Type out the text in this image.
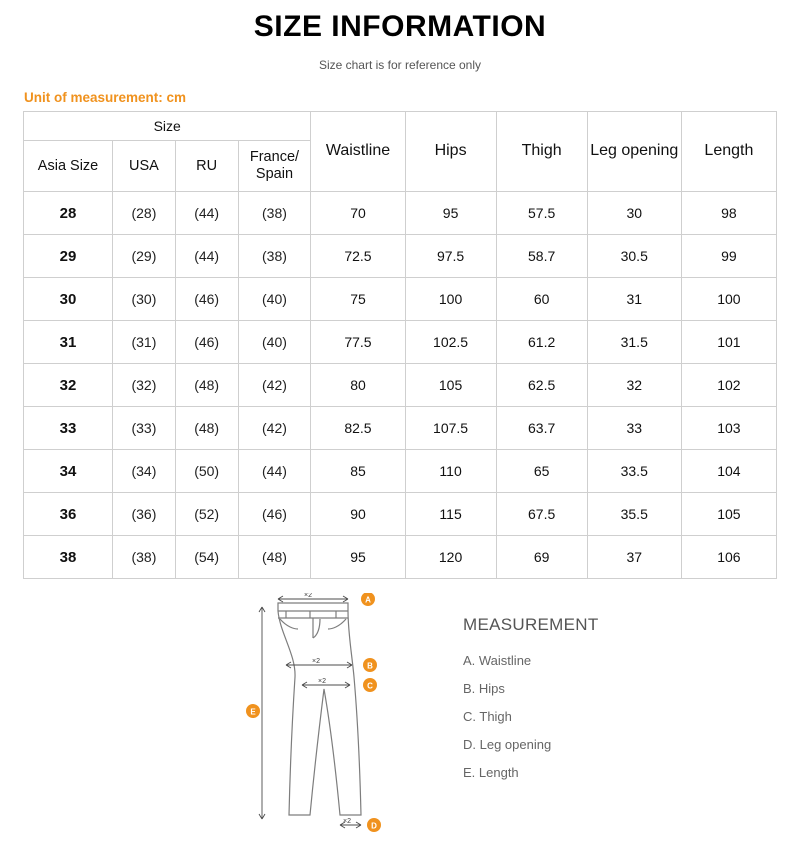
SIZE INFORMATION
Size chart is for reference only
Unit of measurement: cm
Size				Waistline	Hips	Thigh	Leg opening	Length
Asia Size	USA	RU	France/
Spain					
28	(28)	(44)	(38)	70	95	57.5	30	98
29	(29)	(44)	(38)	72.5	97.5	58.7	30.5	99
30	(30)	(46)	(40)	75	100	60	31	100
31	(31)	(46)	(40)	77.5	102.5	61.2	31.5	101
32	(32)	(48)	(42)	80	105	62.5	32	102
33	(33)	(48)	(42)	82.5	107.5	63.7	33	103
34	(34)	(50)	(44)	85	110	65	33.5	104
36	(36)	(52)	(46)	90	115	67.5	35.5	105
38	(38)	(54)	(48)	95	120	69	37	106
×2
×2
×2
×2
A
B
C
D
E
MEASUREMENT
A. Waistline
B. Hips
C. Thigh
D. Leg opening
E. Length
